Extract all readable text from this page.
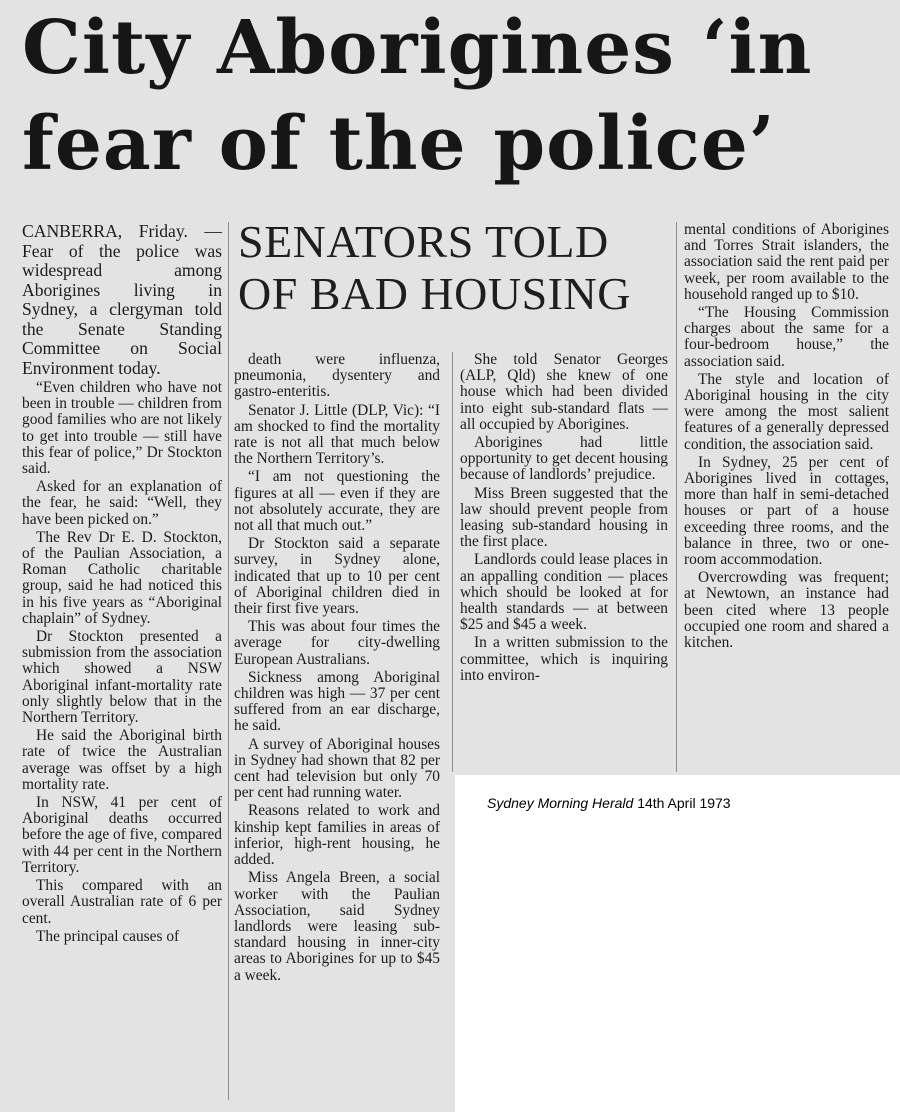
City Aborigines ‘in fear of the police’
SENATORS TOLD OF BAD HOUSING

CANBERRA, Friday. — Fear of the police was widespread among Aborigines living in Sydney, a clergyman told the Senate Standing Committee on Social Environment today.

“Even children who have not been in trouble — children from good families who are not likely to get into trouble — still have this fear of police,” Dr Stockton said.

Asked for an explanation of the fear, he said: “Well, they have been picked on.”

The Rev Dr E. D. Stockton, of the Paulian Association, a Roman Catholic charitable group, said he had noticed this in his five years as “Aboriginal chaplain” of Sydney.

Dr Stockton presented a submission from the association which showed a NSW Aboriginal infant-mortality rate only slightly below that in the Northern Territory.

He said the Aboriginal birth rate of twice the Australian average was offset by a high mortality rate.

In NSW, 41 per cent of Aboriginal deaths occurred before the age of five, compared with 44 per cent in the Northern Territory.

This compared with an overall Australian rate of 6 per cent.

The principal causes of

death were influenza, pneumonia, dysentery and gastro-enteritis.

Senator J. Little (DLP, Vic): “I am shocked to find the mortality rate is not all that much below the Northern Territory’s.

“I am not questioning the figures at all — even if they are not absolutely accurate, they are not all that much out.”

Dr Stockton said a separate survey, in Sydney alone, indicated that up to 10 per cent of Aboriginal children died in their first five years.

This was about four times the average for city-dwelling European Australians.

Sickness among Aboriginal children was high — 37 per cent suffered from an ear discharge, he said.

A survey of Aboriginal houses in Sydney had shown that 82 per cent had television but only 70 per cent had running water.

Reasons related to work and kinship kept families in areas of inferior, high-rent housing, he added.

Miss Angela Breen, a social worker with the Paulian Association, said Sydney landlords were leasing sub-standard housing in inner-city areas to Aborigines for up to $45 a week.

She told Senator Georges (ALP, Qld) she knew of one house which had been divided into eight sub-standard flats — all occupied by Aborigines.

Aborigines had little opportunity to get decent housing because of landlords’ prejudice.

Miss Breen suggested that the law should prevent people from leasing sub-standard housing in the first place.

Landlords could lease places in an appalling condition — places which should be looked at for health standards — at between $25 and $45 a week.

In a written submission to the committee, which is inquiring into environ-

mental conditions of Aborigines and Torres Strait islanders, the association said the rent paid per week, per room available to the household ranged up to $10.

“The Housing Commission charges about the same for a four-bedroom house,” the association said.

The style and location of Aboriginal housing in the city were among the most salient features of a generally depressed condition, the association said.

In Sydney, 25 per cent of Aborigines lived in cottages, more than half in semi-detached houses or part of a house exceeding three rooms, and the balance in three, two or one-room accommodation.

Overcrowding was frequent; at Newtown, an instance had been cited where 13 people occupied one room and shared a kitchen.

Sydney Morning Herald 14th April 1973
